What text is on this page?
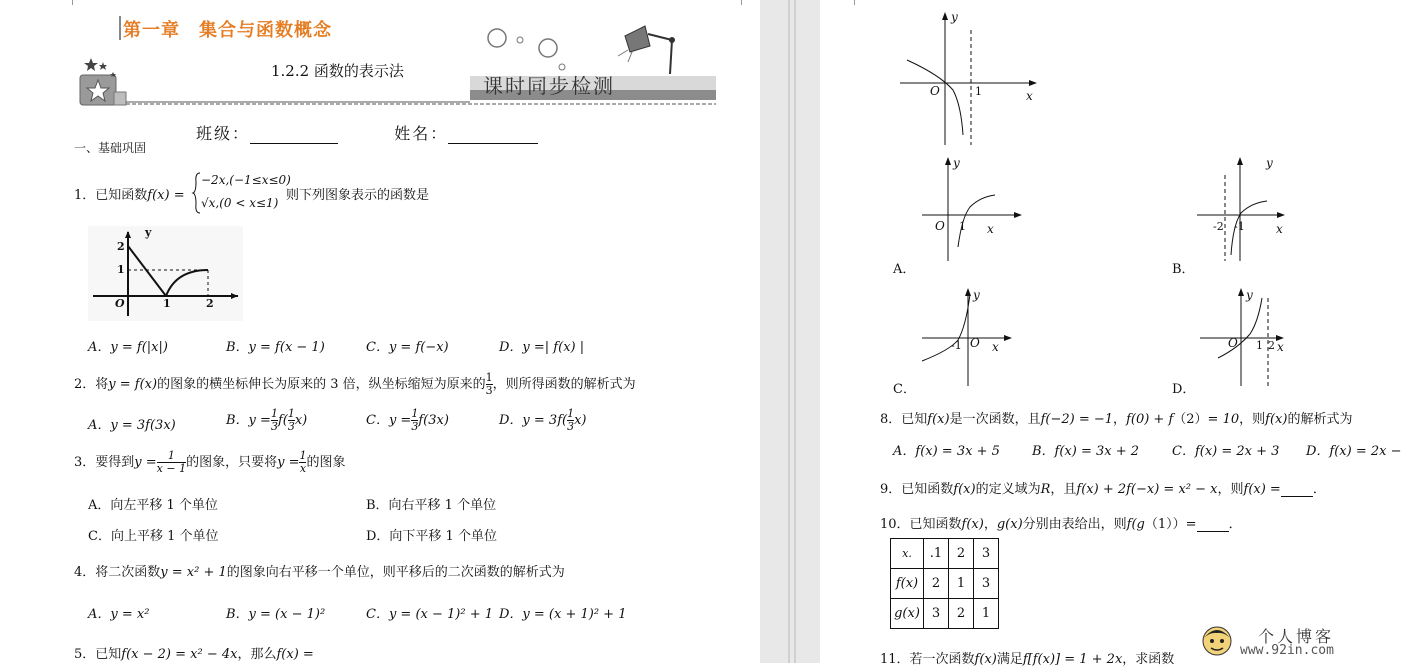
第一章　集合与函数概念
1.2.2 函数的表示法
课时同步检测
班级：	姓名：
一、基础巩固
1．已知函数f(x) =
−2x,(−1≤x≤0)
√x,(0 < x≤1) 则下列图象表示的函数是
y
2
1
O	1	2
A．y = f(|x|)	B．y = f(x − 1)	C．y = f(−x)	D．y =| f(x) |
2．将y = f(x)的图象的横坐标伸长为原来的 3 倍，纵坐标缩短为原来的 $\frac{1}{3}$ ，则所得函数的解析式为
A．y = 3f(3x)	B．$y = \frac{1}{3} f( \frac{1}{3} x)$	C．$y = \frac{1}{3} f(3x)$	D．$y = 3f( \frac{1}{3} x)$
3．要得到$y = \frac{1}{x - 1}$ 的图象，只要将$y = \frac{1}{x}$ 的图象
A．向左平移 1 个单位	B．向右平移 1 个单位
C．向上平移 1 个单位	D．向下平移 1 个单位
4．将二次函数y = x² + 1的图象向右平移一个单位，则平移后的二次函数的解析式为
A．y = x²	B．y = (x − 1)²	C．y = (x − 1)² + 1 D．y = (x + 1)² + 1
5．已知f(x − 2) = x² − 4x，那么f(x) =
y
x
O	1
y
x
O 1
A．
y
x
-2 -1
B．
y
x
-1 O
C．
y
x
O 1 2
D．
8．已知f(x)是一次函数，且f(−2) = −1，f(0) + f（2）= 10，则f(x)的解析式为
A．f(x) = 3x + 5 B．f(x) = 3x + 2	C．f(x) = 2x + 3 D．f(x) = 2x −
9．已知函数f(x)的定义域为R，且f(x) + 2f(−x) = x² − x，则f(x) = ．
10．已知函数f(x)，g(x)分别由表给出，则f(g（1））= ．
x.	.1	2	3
f(x)	2	1	3
g(x)	3	2	1
11．若一次函数f(x)满足f[f(x)] = 1 + 2x，求函数
个人博客
www.92in.com
